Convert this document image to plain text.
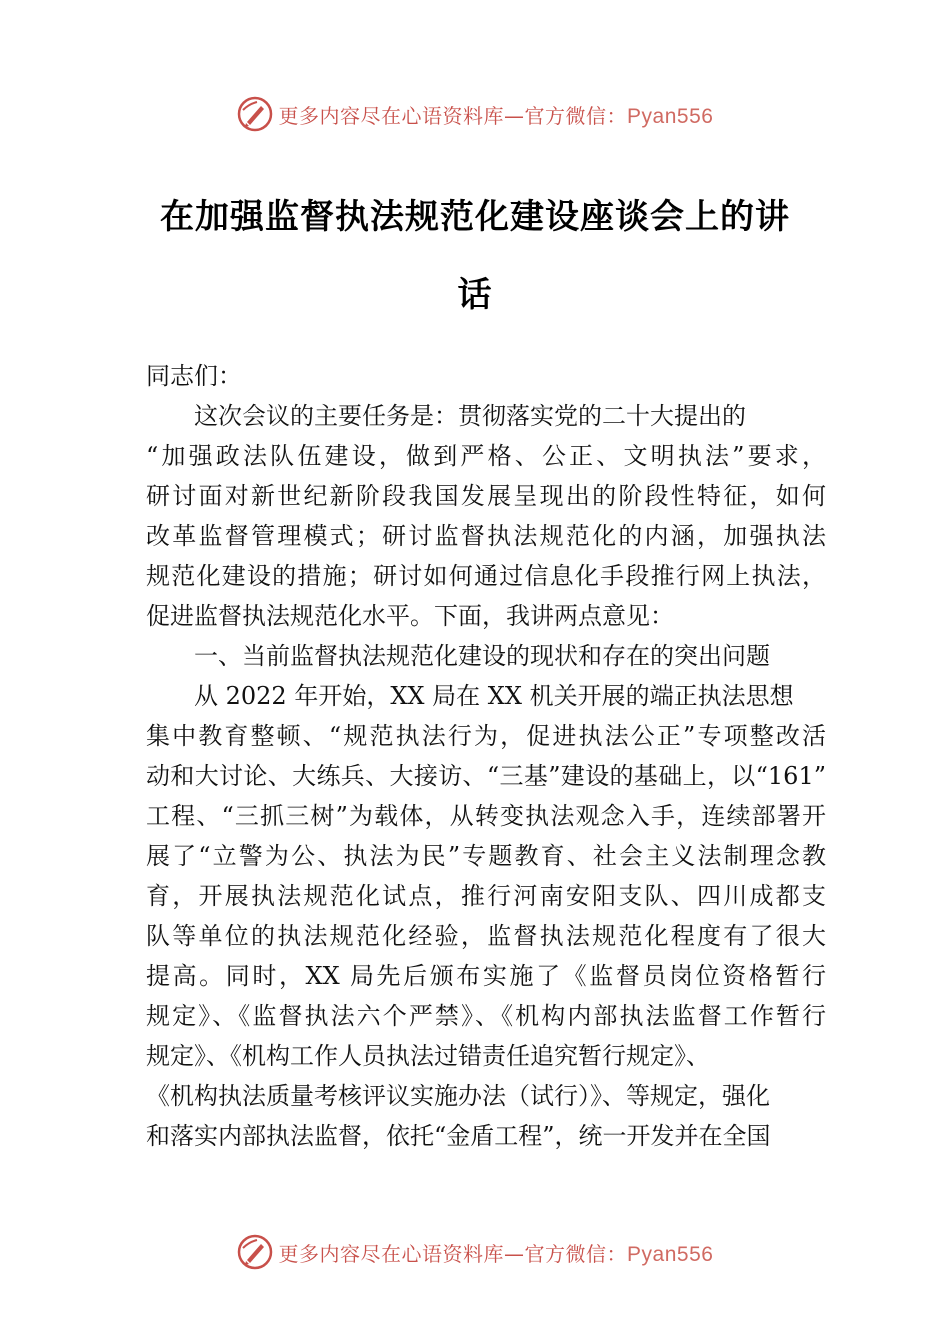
更多内容尽在心语资料库—官方微信：Pyan556
在加强监督执法规范化建设座谈会上的讲
话
同志们：
这次会议的主要任务是：贯彻落实党的二十大提出的
“加强政法队伍建设，做到严格、公正、文明执法”要求，
研讨面对新世纪新阶段我国发展呈现出的阶段性特征，如何
改革监督管理模式；研讨监督执法规范化的内涵，加强执法
规范化建设的措施；研讨如何通过信息化手段推行网上执法，
促进监督执法规范化水平。下面，我讲两点意见：
一、当前监督执法规范化建设的现状和存在的突出问题
从 2022 年开始，XX 局在 XX 机关开展的端正执法思想
集中教育整顿、“规范执法行为，促进执法公正”专项整改活
动和大讨论、大练兵、大接访、“三基”建设的基础上，以“161”
工程、“三抓三树”为载体，从转变执法观念入手，连续部署开
展了“立警为公、执法为民”专题教育、社会主义法制理念教
育，开展执法规范化试点，推行河南安阳支队、四川成都支
队等单位的执法规范化经验，监督执法规范化程度有了很大
提高。同时，XX 局先后颁布实施了《监督员岗位资格暂行
规定》、《监督执法六个严禁》、《机构内部执法监督工作暂行
规定》、《机构工作人员执法过错责任追究暂行规定》、
《机构执法质量考核评议实施办法（试行）》、等规定，强化
和落实内部执法监督，依托“金盾工程”，统一开发并在全国
更多内容尽在心语资料库—官方微信：Pyan556
